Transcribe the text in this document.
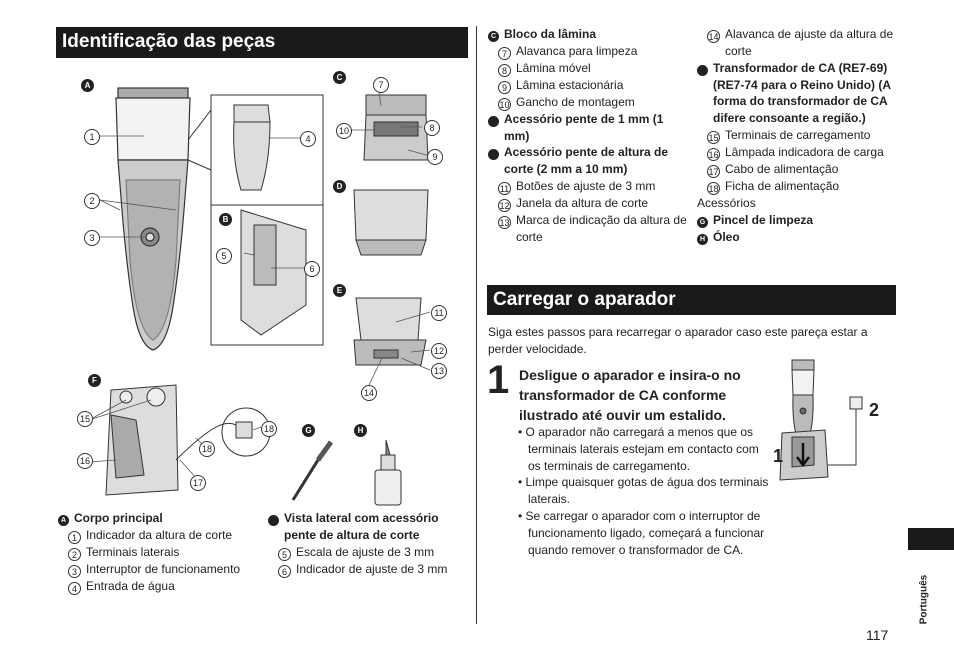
Identificação das peças
A
B
C
D
E
F
G	H
1
2
3
4
5
6
7
10	8
9
11
12
13
14
15
16
17
18
18
A Corpo principal
1 Indicador da altura de corte
2 Terminais laterais
3 Interruptor de funcionamento
4 Entrada de água
B Vista lateral com acessório pente de altura de corte
5 Escala de ajuste de 3 mm
6 Indicador de ajuste de 3 mm
C Bloco da lâmina
7 Alavanca para limpeza
8 Lâmina móvel
9 Lâmina estacionária
10 Gancho de montagem
D Acessório pente de 1 mm (1 mm)
E Acessório pente de altura de corte (2 mm a 10 mm)
11 Botões de ajuste de 3 mm
12 Janela da altura de corte
13 Marca de indicação da altura de corte
14 Alavanca de ajuste da altura de corte
F Transformador de CA (RE7-69) (RE7-74 para o Reino Unido) (A forma do transformador de CA difere consoante a região.)
15 Terminais de carregamento
16 Lâmpada indicadora de carga
17 Cabo de alimentação
18 Ficha de alimentação
Acessórios
G Pincel de limpeza
H Óleo
Carregar o aparador
Siga estes passos para recarregar o aparador caso este pareça estar a perder velocidade.
1 Desligue o aparador e insira-o no transformador de CA conforme ilustrado até ouvir um estalido.
• O aparador não carregará a menos que os terminais laterais estejam em contacto com os terminais de carregamento.
• Limpe quaisquer gotas de água dos terminais laterais.
• Se carregar o aparador com o interruptor de funcionamento ligado, começará a funcionar quando remover o transformador de CA.
1
2
Português
117
